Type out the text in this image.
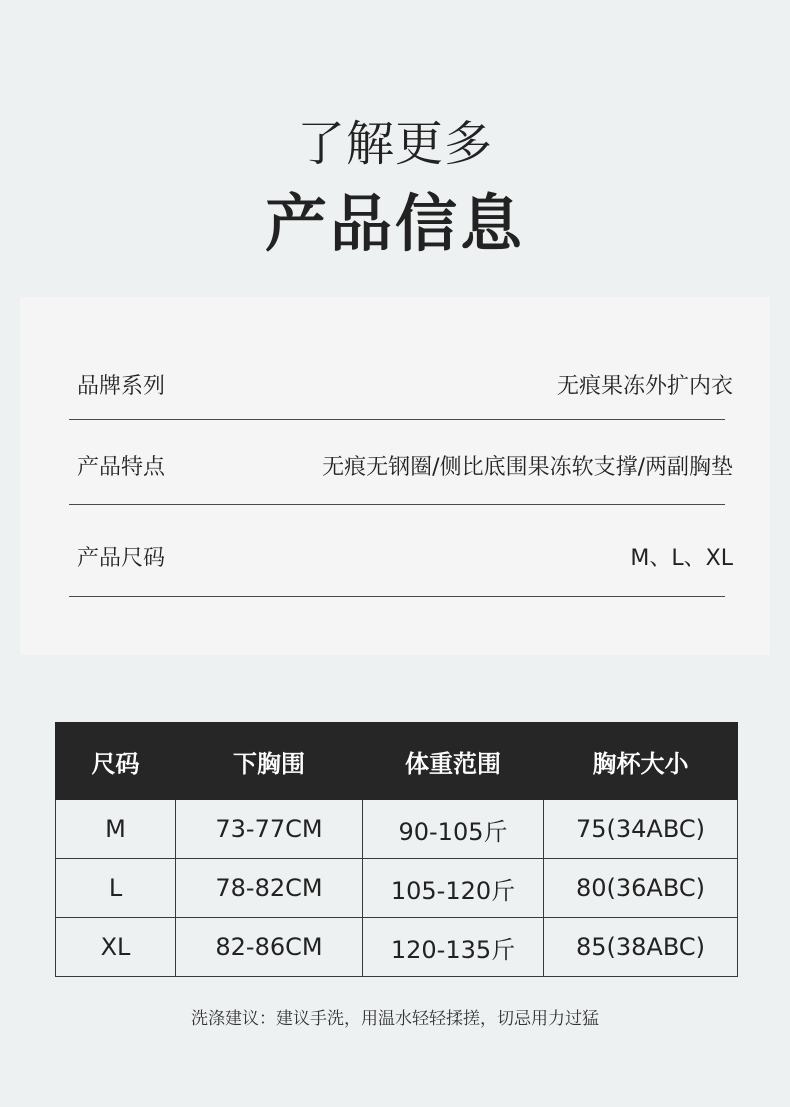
了解更多
产品信息
品牌系列	无痕果冻外扩内衣
产品特点	无痕无钢圈/侧比底围果冻软支撑/两副胸垫
产品尺码	M、L、XL
尺码	下胸围	体重范围	胸杯大小
M	73-77CM	90-105斤	75(34ABC)
L	78-82CM	105-120斤	80(36ABC)
XL	82-86CM	120-135斤	85(38ABC)
洗涤建议：建议手洗，用温水轻轻揉搓，切忌用力过猛
